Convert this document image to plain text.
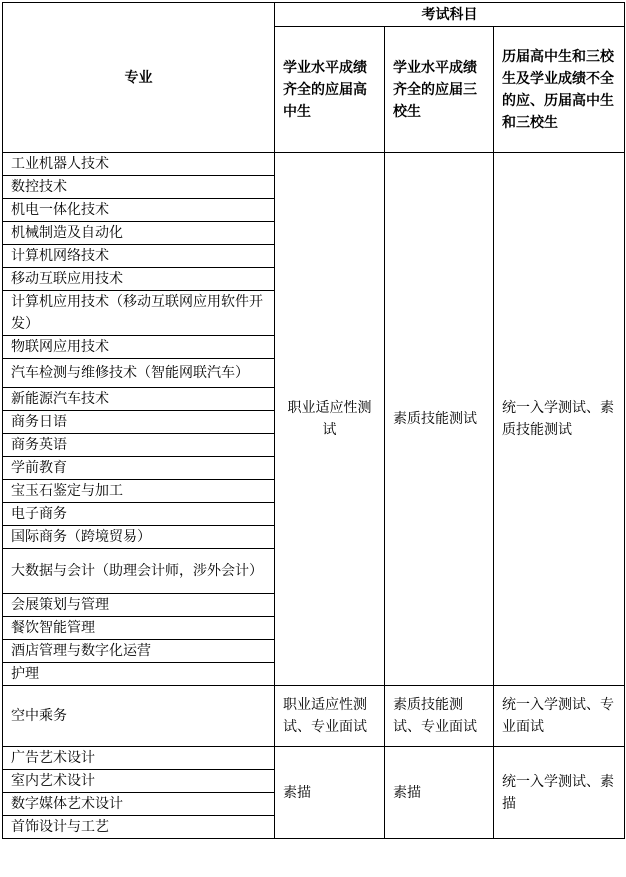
专业	考试科目		
	学业水平成绩齐全的应届高中生	学业水平成绩齐全的应届三校生	历届高中生和三校生及学业成绩不全的应、历届高中生和三校生
工业机器人技术	职业适应性测试	素质技能测试	统一入学测试、素质技能测试
数控技术			
机电一体化技术			
机械制造及自动化			
计算机网络技术			
移动互联应用技术			
计算机应用技术（移动互联网应用软件开发）			
物联网应用技术			
汽车检测与维修技术（智能网联汽车）			
新能源汽车技术			
商务日语			
商务英语			
学前教育			
宝玉石鉴定与加工			
电子商务			
国际商务（跨境贸易）			
大数据与会计（助理会计师，涉外会计）			
会展策划与管理			
餐饮智能管理			
酒店管理与数字化运营			
护理			
空中乘务	职业适应性测试、专业面试	素质技能测试、专业面试	统一入学测试、专业面试
广告艺术设计	素描	素描	统一入学测试、素描
室内艺术设计			
数字媒体艺术设计			
首饰设计与工艺			
